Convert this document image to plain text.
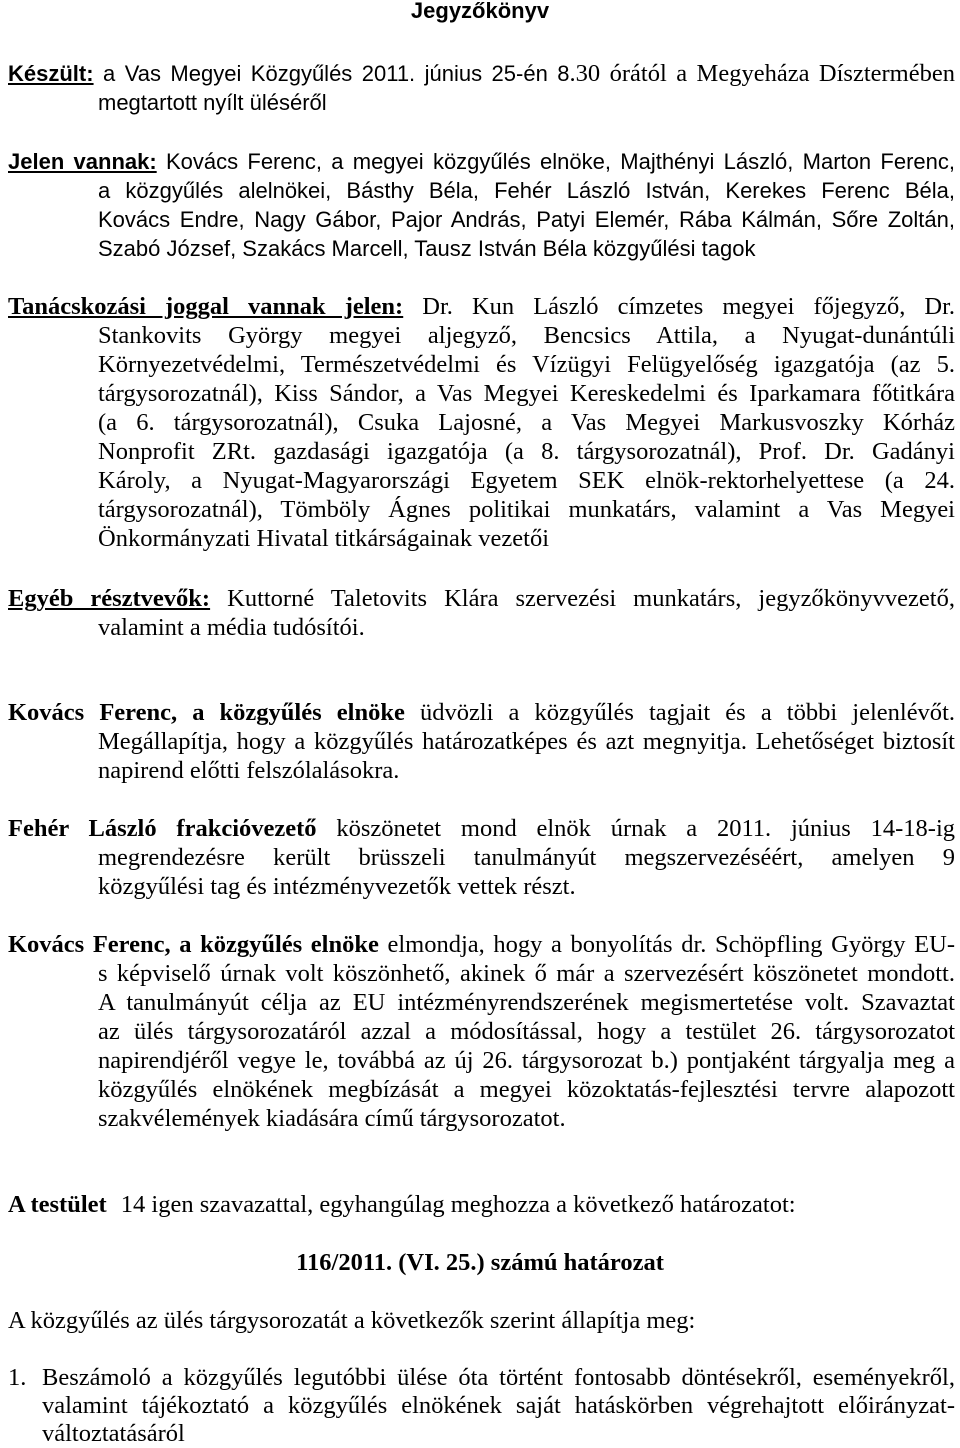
Jegyzőkönyv
Készült: a Vas Megyei Közgyűlés 2011. június 25-én 8.30 órától a Megyeháza Dísztermében
megtartott nyílt üléséről
Jelen vannak: Kovács Ferenc, a megyei közgyűlés elnöke, Majthényi László, Marton Ferenc,
a közgyűlés alelnökei, Básthy Béla, Fehér László István, Kerekes Ferenc Béla,
Kovács Endre, Nagy Gábor, Pajor András, Patyi Elemér, Rába Kálmán, Sőre Zoltán,
Szabó József, Szakács Marcell, Tausz István Béla közgyűlési tagok
Tanácskozási joggal vannak jelen: Dr. Kun László címzetes megyei főjegyző, Dr.
Stankovits György megyei aljegyző, Bencsics Attila, a Nyugat-dunántúli
Környezetvédelmi, Természetvédelmi és Vízügyi Felügyelőség igazgatója (az 5.
tárgysorozatnál), Kiss Sándor, a Vas Megyei Kereskedelmi és Iparkamara főtitkára
(a 6. tárgysorozatnál), Csuka Lajosné, a Vas Megyei Markusvoszky Kórház
Nonprofit ZRt. gazdasági igazgatója (a 8. tárgysorozatnál), Prof. Dr. Gadányi
Károly, a Nyugat-Magyarországi Egyetem SEK elnök-rektorhelyettese (a 24.
tárgysorozatnál), Tömböly Ágnes politikai munkatárs, valamint a Vas Megyei
Önkormányzati Hivatal titkárságainak vezetői
Egyéb résztvevők: Kuttorné Taletovits Klára szervezési munkatárs, jegyzőkönyvvezető,
valamint a média tudósítói.
Kovács Ferenc, a közgyűlés elnöke üdvözli a közgyűlés tagjait és a többi jelenlévőt.
Megállapítja, hogy a közgyűlés határozatképes és azt megnyitja. Lehetőséget biztosít
napirend előtti felszólalásokra.
Fehér László frakcióvezető köszönetet mond elnök úrnak a 2011. június 14-18-ig
megrendezésre került brüsszeli tanulmányút megszervezéséért, amelyen 9
közgyűlési tag és intézményvezetők vettek részt.
Kovács Ferenc, a közgyűlés elnöke elmondja, hogy a bonyolítás dr. Schöpfling György EU-
s képviselő úrnak volt köszönhető, akinek ő már a szervezésért köszönetet mondott.
A tanulmányút célja az EU intézményrendszerének megismertetése volt. Szavaztat
az ülés tárgysorozatáról azzal a módosítással, hogy a testület 26. tárgysorozatot
napirendjéről vegye le, továbbá az új 26. tárgysorozat b.) pontjaként tárgyalja meg a
közgyűlés elnökének megbízását a megyei közoktatás-fejlesztési tervre alapozott
szakvélemények kiadására című tárgysorozatot.
A testület 14 igen szavazattal, egyhangúlag meghozza a következő határozatot:
116/2011. (VI. 25.) számú határozat
A közgyűlés az ülés tárgysorozatát a következők szerint állapítja meg:
1. Beszámoló a közgyűlés legutóbbi ülése óta történt fontosabb döntésekről, eseményekről,
valamint tájékoztató a közgyűlés elnökének saját hatáskörben végrehajtott előirányzat-
változtatásáról
